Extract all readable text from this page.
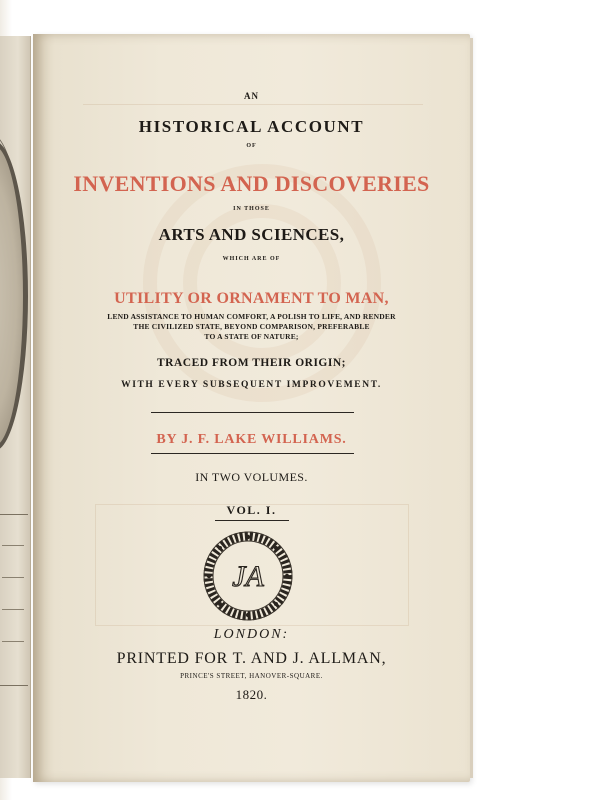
AN
HISTORICAL ACCOUNT
OF
INVENTIONS AND DISCOVERIES
IN THOSE
ARTS AND SCIENCES,
WHICH ARE OF
UTILITY OR ORNAMENT TO MAN,
LEND ASSISTANCE TO HUMAN COMFORT, A POLISH TO LIFE, AND RENDER
THE CIVILIZED STATE, BEYOND COMPARISON, PREFERABLE
TO A STATE OF NATURE;
TRACED FROM THEIR ORIGIN;
WITH EVERY SUBSEQUENT IMPROVEMENT.
BY J. F. LAKE WILLIAMS.
IN TWO VOLUMES.
VOL. I.
JA
LONDON:
PRINTED FOR T. AND J. ALLMAN,
PRINCE'S STREET, HANOVER-SQUARE.
1820.
